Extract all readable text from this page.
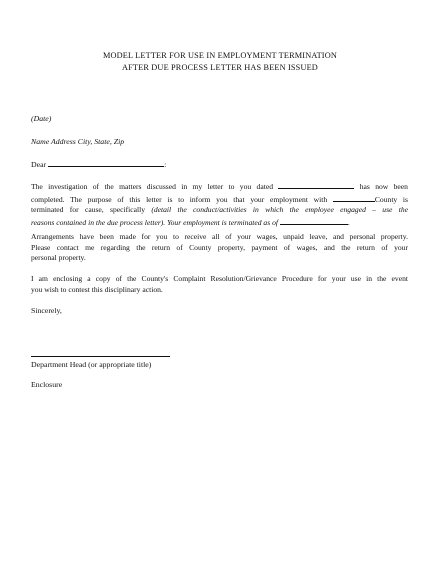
MODEL LETTER FOR USE IN EMPLOYMENT TERMINATION
AFTER DUE PROCESS LETTER HAS BEEN ISSUED
(Date)
Name Address City, State, Zip
Dear	:
The investigation of the matters discussed in my letter to you dated	has now been
completed. The purpose of this letter is to inform you that your employment with	County is
terminated for cause, specifically (detail the conduct/activities in which the employee engaged – use the
reasons contained in the due process letter). Your employment is terminated as of	.
Arrangements have been made for you to receive all of your wages, unpaid leave, and personal property.
Please contact me regarding the return of County property, payment of wages, and the return of your
personal property.
I am enclosing a copy of the County's Complaint Resolution/Grievance Procedure for your use in the event
you wish to contest this disciplinary action.
Sincerely,
Department Head (or appropriate title)
Enclosure
